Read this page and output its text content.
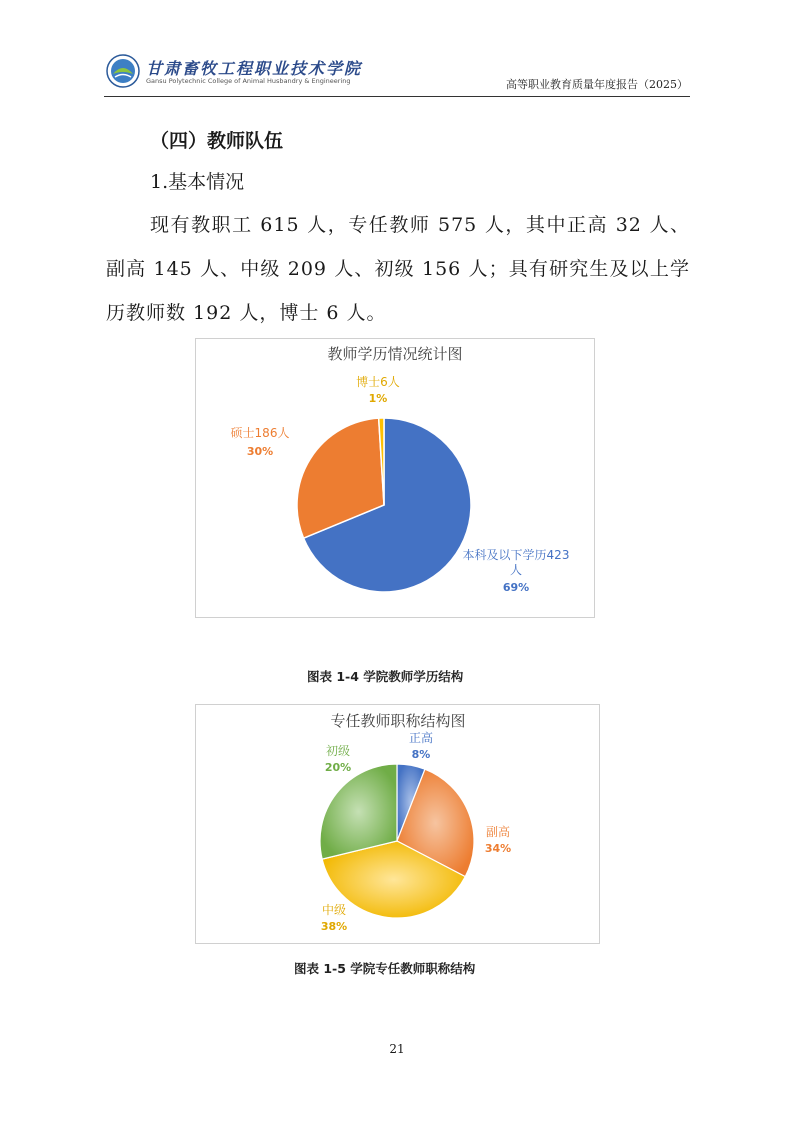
甘肃畜牧工程职业技术学院
Gansu Polytechnic College of Animal Husbandry & Engineering	高等职业教育质量年度报告（2025）
（四）教师队伍
1.基本情况

现有教职工 615 人，专任教师 575 人，其中正高 32 人、副高 145 人、中级 209 人、初级 156 人；具有研究生及以上学历教师数 192 人，博士 6 人。

教师学历情况统计图
本科及以下学历423
人
69%
硕士186人
30%
博士6人
1%
图表 1-4 学院教师学历结构
专任教师职称结构图
正高
8%
副高
34%
中级
38%
初级
20%
图表 1-5 学院专任教师职称结构
21
